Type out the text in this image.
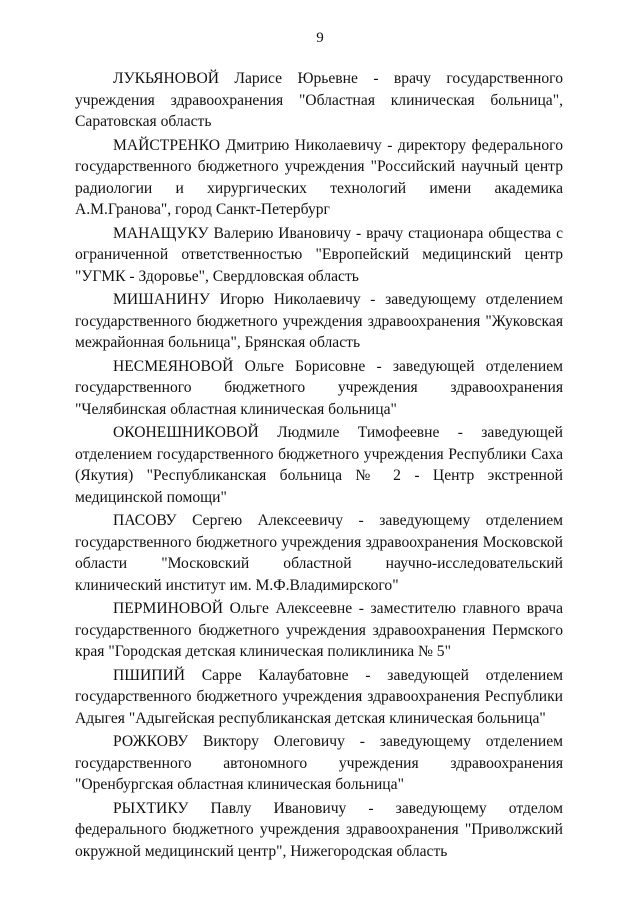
9

ЛУКЬЯНОВОЙ Ларисе Юрьевне - врачу государственного учреждения здравоохранения "Областная клиническая больница", Саратовская область

МАЙСТРЕНКО Дмитрию Николаевичу - директору федерального государственного бюджетного учреждения "Российский научный центр радиологии и хирургических технологий имени академика А.М.Гранова", город Санкт-Петербург

МАНАЩУКУ Валерию Ивановичу - врачу стационара общества с ограниченной ответственностью "Европейский медицинский центр "УГМК - Здоровье", Свердловская область

МИШАНИНУ Игорю Николаевичу - заведующему отделением государственного бюджетного учреждения здравоохранения "Жуковская межрайонная больница", Брянская область

НЕСМЕЯНОВОЙ Ольге Борисовне - заведующей отделением государственного бюджетного учреждения здравоохранения "Челябинская областная клиническая больница"

ОКОНЕШНИКОВОЙ Людмиле Тимофеевне - заведующей отделением государственного бюджетного учреждения Республики Саха (Якутия) "Республиканская больница № 2 - Центр экстренной медицинской помощи"

ПАСОВУ Сергею Алексеевичу - заведующему отделением государственного бюджетного учреждения здравоохранения Московской области "Московский областной научно-исследовательский клинический институт им. М.Ф.Владимирского"

ПЕРМИНОВОЙ Ольге Алексеевне - заместителю главного врача государственного бюджетного учреждения здравоохранения Пермского края "Городская детская клиническая поликлиника № 5"

ПШИПИЙ Сарре Калаубатовне - заведующей отделением государственного бюджетного учреждения здравоохранения Республики Адыгея "Адыгейская республиканская детская клиническая больница"

РОЖКОВУ Виктору Олеговичу - заведующему отделением государственного автономного учреждения здравоохранения "Оренбургская областная клиническая больница"

РЫХТИКУ Павлу Ивановичу - заведующему отделом федерального бюджетного учреждения здравоохранения "Приволжский окружной медицинский центр", Нижегородская область
